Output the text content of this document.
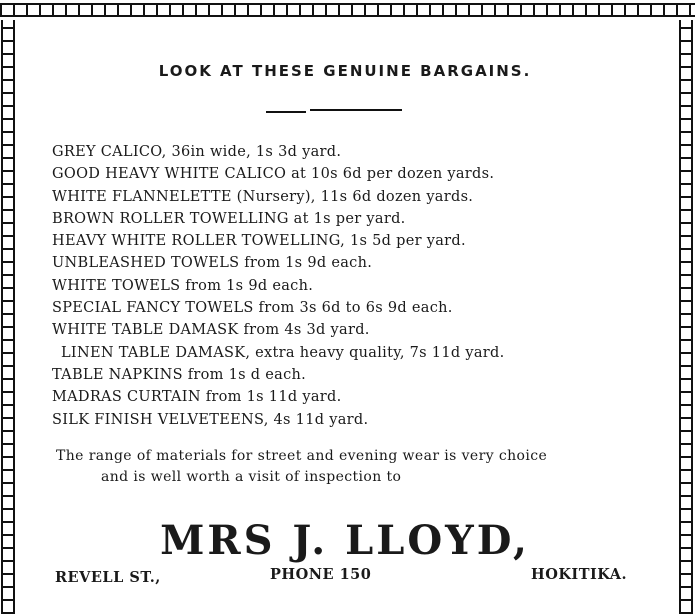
LOOK AT THESE GENUINE BARGAINS.
GREY CALICO, 36in wide, 1s 3d yard.
GOOD HEAVY WHITE CALICO at 10s 6d per dozen yards.
WHITE FLANNELETTE (Nursery), 11s 6d dozen yards.
BROWN ROLLER TOWELLING at 1s per yard.
HEAVY WHITE ROLLER TOWELLING, 1s 5d per yard.
UNBLEASHED TOWELS from 1s 9d each.
WHITE TOWELS from 1s 9d each.
SPECIAL FANCY TOWELS from 3s 6d to 6s 9d each.
WHITE TABLE DAMASK from 4s 3d yard.
LINEN TABLE DAMASK, extra heavy quality, 7s 11d yard.
TABLE NAPKINS from 1s d each.
MADRAS CURTAIN from 1s 11d yard.
SILK FINISH VELVETEENS, 4s 11d yard.
The range of materials for street and evening wear is very choice
and is well worth a visit of inspection to
MRS J. LLOYD,
REVELL ST.,	PHONE 150	HOKITIKA.
